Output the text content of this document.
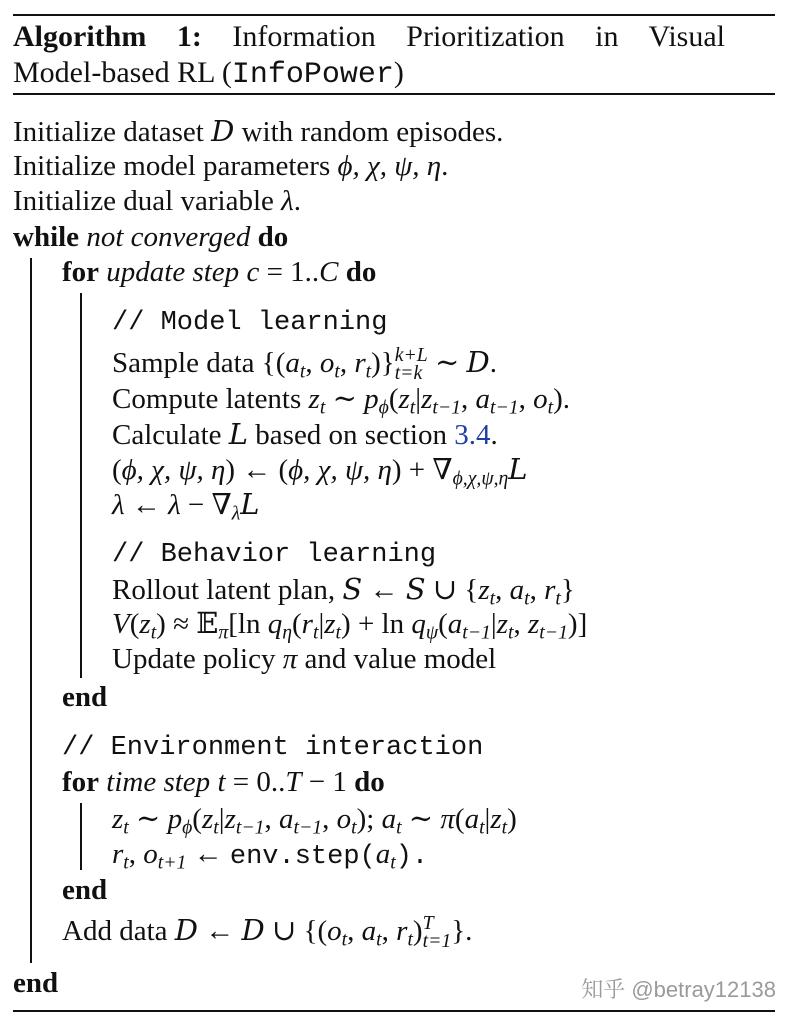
Algorithm 1: Information Prioritization in Visual
Model-based RL (InfoPower)
Initialize dataset D with random episodes.
Initialize model parameters ϕ, χ, ψ, η.
Initialize dual variable λ.
while not converged do
for update step c = 1..C do
// Model learning
Sample data {($a_t$, $o_t$, $r_t$)} k+L
t=k ∼ D.
Compute latents $z_t$ ∼ $p_\phi(z_t|z_{t-1}$, $a_{t-1}$, $o_t$).
Calculate L based on section 3.4.
(ϕ, χ, ψ, η) ← (ϕ, χ, ψ, $\eta) + \nabla_{\phi,\chi,\psi,\eta}L$
λ ← $\lambda - \nabla_\lambda L$
// Behavior learning
Rollout latent plan, S ← S ∪ {$z_t$, $a_t$, $r_t$}
$V(z_t)$ ≈ 𝔼$_\pi$[ln $q_\eta(r_t|z_t) + \ln q_\psi(a_{t-1}|z_t$, $z_{t-1}$)]
Update policy π and value model
end
// Environment interaction
for time step t = 0..T − 1 do
$z_t$ ∼ $p_\phi(z_t|z_{t-1}$, $a_{t-1}$, $o_t$); $a_t$ ∼ $\pi(a_t|z_t)$
$r_t$, $o_{t+1}$ ← $env.step(a_t)$.
end
Add data D ← D ∪ {($o_t$, $a_t$, $r_t$) T
t=1 }.
end	知乎 @betray12138
